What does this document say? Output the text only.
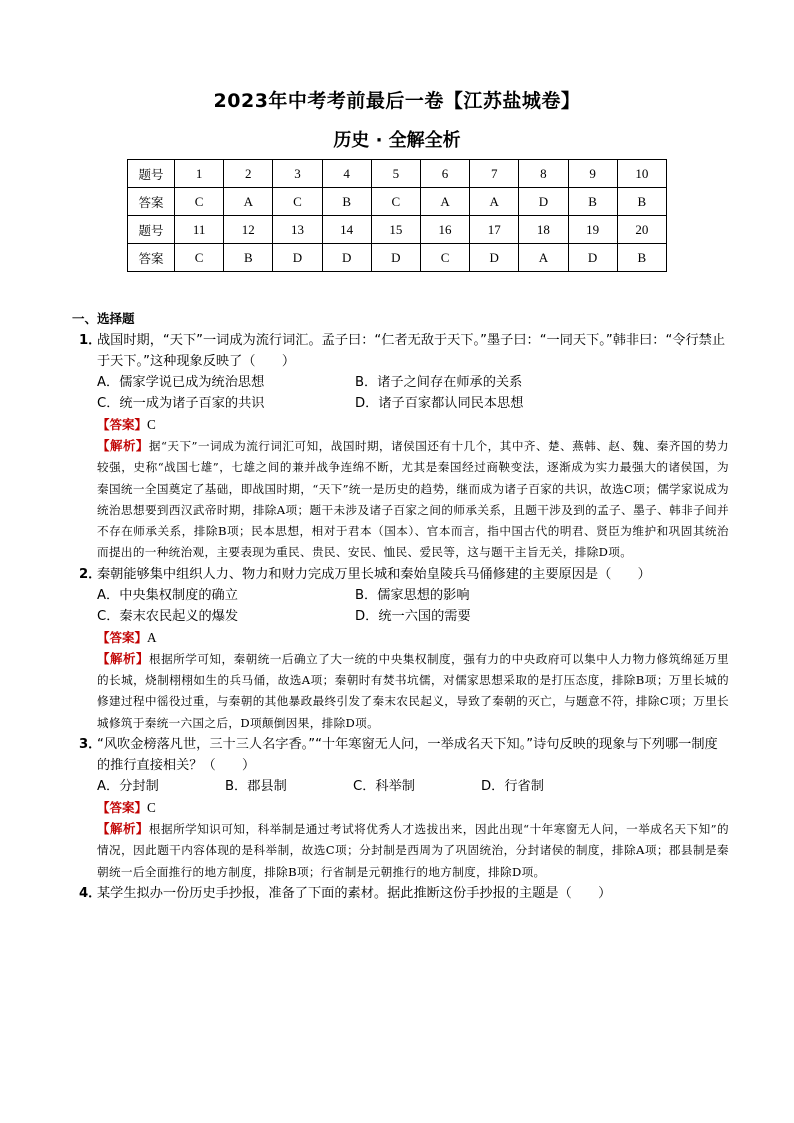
2023年中考考前最后一卷【江苏盐城卷】
历史 · 全解全析
题号	1	2	3	4	5	6	7	8	9	10
答案	C	A	C	B	C	A	A	D	B	B
题号	11	12	13	14	15	16	17	18	19	20
答案	C	B	D	D	D	C	D	A	D	B
一、选择题
1．
战国时期，“天下”一词成为流行词汇。孟子曰：“仁者无敌于天下。”墨子曰：“一同天下。”韩非曰：“令行禁止于天下。”这种现象反映了（　　）
A．儒家学说已成为统治思想	B．诸子之间存在师承的关系
C．统一成为诸子百家的共识	D．诸子百家都认同民本思想
【答案】C
【解析】据“天下”一词成为流行词汇可知，战国时期，诸侯国还有十几个，其中齐、楚、燕韩、赵、魏、秦齐国的势力较强，史称“战国七雄”，七雄之间的兼并战争连绵不断，尤其是秦国经过商鞅变法，逐渐成为实力最强大的诸侯国，为秦国统一全国奠定了基础，即战国时期，“天下”统一是历史的趋势，继而成为诸子百家的共识，故选C项；儒学家说成为统治思想要到西汉武帝时期，排除A项；题干未涉及诸子百家之间的师承关系，且题干涉及到的孟子、墨子、韩非子间并不存在师承关系，排除B项；民本思想，相对于君本（国本）、官本而言，指中国古代的明君、贤臣为维护和巩固其统治而提出的一种统治观，主要表现为重民、贵民、安民、恤民、爱民等，这与题干主旨无关，排除D项。
2．
秦朝能够集中组织人力、物力和财力完成万里长城和秦始皇陵兵马俑修建的主要原因是（　　）
A．中央集权制度的确立	B．儒家思想的影响
C．秦末农民起义的爆发	D．统一六国的需要
【答案】A
【解析】根据所学可知，秦朝统一后确立了大一统的中央集权制度，强有力的中央政府可以集中人力物力修筑绵延万里的长城，烧制栩栩如生的兵马俑，故选A项；秦朝时有焚书坑儒，对儒家思想采取的是打压态度，排除B项；万里长城的修建过程中徭役过重，与秦朝的其他暴政最终引发了秦末农民起义，导致了秦朝的灭亡，与题意不符，排除C项；万里长城修筑于秦统一六国之后，D项颠倒因果，排除D项。
3．
“风吹金榜落凡世，三十三人名字香。”“十年寒窗无人问，一举成名天下知。”诗句反映的现象与下列哪一制度的推行直接相关？（　　）
A．分封制	B．郡县制	C．科举制	D．行省制
【答案】C
【解析】根据所学知识可知，科举制是通过考试将优秀人才选拔出来，因此出现“十年寒窗无人问，一举成名天下知”的情况，因此题干内容体现的是科举制，故选C项；分封制是西周为了巩固统治，分封诸侯的制度，排除A项；郡县制是秦朝统一后全面推行的地方制度，排除B项；行省制是元朝推行的地方制度，排除D项。
4．
某学生拟办一份历史手抄报，准备了下面的素材。据此推断这份手抄报的主题是（　　）
